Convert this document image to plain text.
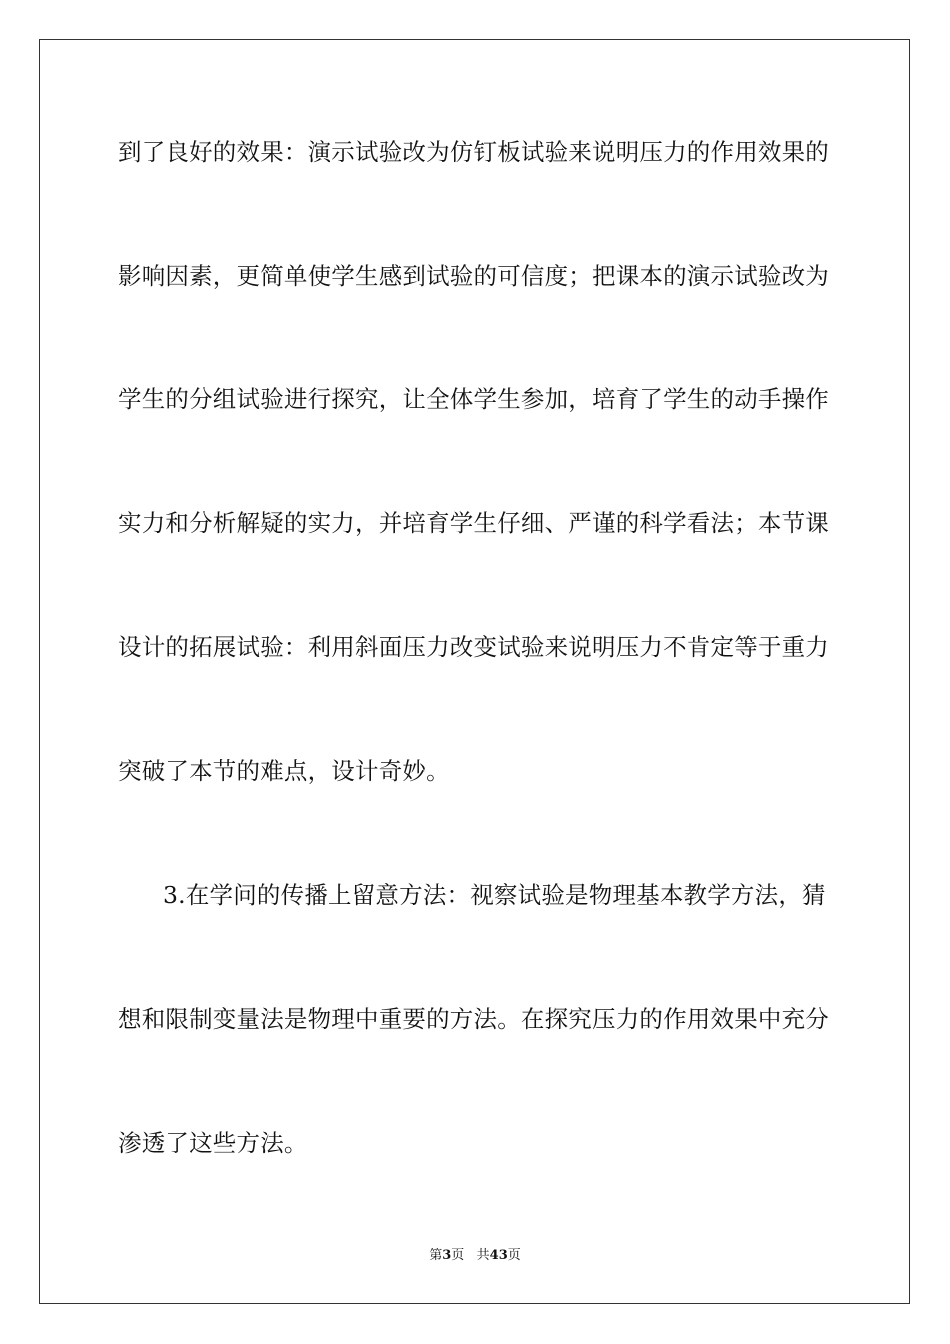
到了良好的效果：演示试验改为仿钉板试验来说明压力的作用效果的
影响因素，更简单使学生感到试验的可信度；把课本的演示试验改为
学生的分组试验进行探究，让全体学生参加，培育了学生的动手操作
实力和分析解疑的实力，并培育学生仔细、严谨的科学看法；本节课
设计的拓展试验：利用斜面压力改变试验来说明压力不肯定等于重力
突破了本节的难点，设计奇妙。
3.在学问的传播上留意方法：视察试验是物理基本教学方法，猜
想和限制变量法是物理中重要的方法。在探究压力的作用效果中充分
渗透了这些方法。
第3页   共43页
